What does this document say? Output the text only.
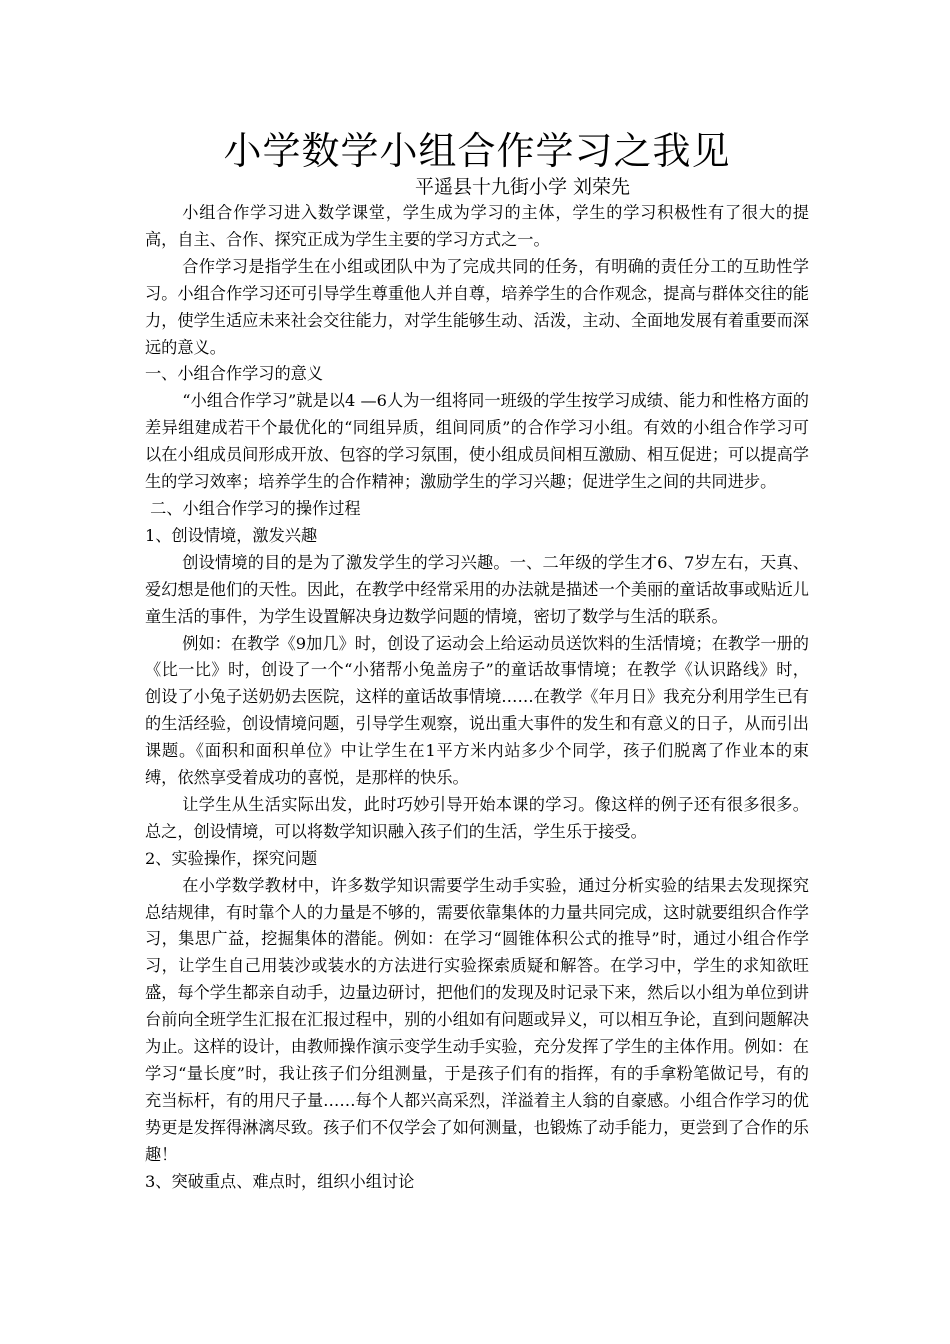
小学数学小组合作学习之我见
平遥县十九街小学 刘荣先

小组合作学习进入数学课堂，学生成为学习的主体，学生的学习积极性有了很大的提高，自主、合作、探究正成为学生主要的学习方式之一。

合作学习是指学生在小组或团队中为了完成共同的任务，有明确的责任分工的互助性学习。小组合作学习还可引导学生尊重他人并自尊，培养学生的合作观念，提高与群体交往的能力，使学生适应未来社会交往能力，对学生能够生动、活泼，主动、全面地发展有着重要而深远的意义。

一、小组合作学习的意义

“小组合作学习”就是以4 —6人为一组将同一班级的学生按学习成绩、能力和性格方面的差异组建成若干个最优化的“同组异质，组间同质”的合作学习小组。有效的小组合作学习可以在小组成员间形成开放、包容的学习氛围，使小组成员间相互激励、相互促进；可以提高学生的学习效率；培养学生的合作精神；激励学生的学习兴趣；促进学生之间的共同进步。

二、小组合作学习的操作过程
1、创设情境，激发兴趣

创设情境的目的是为了激发学生的学习兴趣。一、二年级的学生才6、7岁左右，天真、爱幻想是他们的天性。因此，在教学中经常采用的办法就是描述一个美丽的童话故事或贴近儿童生活的事件，为学生设置解决身边数学问题的情境，密切了数学与生活的联系。

例如：在教学《9加几》时，创设了运动会上给运动员送饮料的生活情境；在教学一册的《比一比》时，创设了一个“小猪帮小兔盖房子”的童话故事情境；在教学《认识路线》时，创设了小兔子送奶奶去医院，这样的童话故事情境……在教学《年月日》我充分利用学生已有的生活经验，创设情境问题，引导学生观察，说出重大事件的发生和有意义的日子，从而引出课题。《面积和面积单位》中让学生在1平方米内站多少个同学，孩子们脱离了作业本的束缚，依然享受着成功的喜悦，是那样的快乐。

让学生从生活实际出发，此时巧妙引导开始本课的学习。像这样的例子还有很多很多。总之，创设情境，可以将数学知识融入孩子们的生活，学生乐于接受。

2、实验操作，探究问题

在小学数学教材中，许多数学知识需要学生动手实验，通过分析实验的结果去发现探究总结规律，有时靠个人的力量是不够的，需要依靠集体的力量共同完成，这时就要组织合作学习，集思广益，挖掘集体的潜能。例如：在学习“圆锥体积公式的推导”时，通过小组合作学习，让学生自己用装沙或装水的方法进行实验探索质疑和解答。在学习中，学生的求知欲旺盛，每个学生都亲自动手，边量边研讨，把他们的发现及时记录下来，然后以小组为单位到讲台前向全班学生汇报在汇报过程中，别的小组如有问题或异义，可以相互争论，直到问题解决为止。这样的设计，由教师操作演示变学生动手实验，充分发挥了学生的主体作用。例如：在学习“量长度”时，我让孩子们分组测量，于是孩子们有的指挥，有的手拿粉笔做记号，有的充当标杆，有的用尺子量……每个人都兴高采烈，洋溢着主人翁的自豪感。小组合作学习的优势更是发挥得淋漓尽致。孩子们不仅学会了如何测量，也锻炼了动手能力，更尝到了合作的乐趣！

3、突破重点、难点时，组织小组讨论
